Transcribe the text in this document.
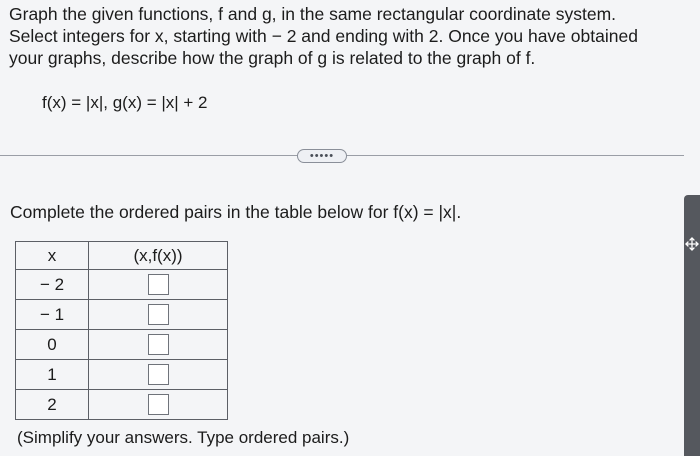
Graph the given functions, f and g, in the same rectangular coordinate system.
Select integers for x, starting with − 2 and ending with 2. Once you have obtained
your graphs, describe how the graph of g is related to the graph of f.
f(x) = |x|, g(x) = |x| + 2
•••••
Complete the ordered pairs in the table below for f(x) = |x|.
x	(x,f(x))
− 2	
− 1	
0	
1	
2	
(Simplify your answers. Type ordered pairs.)
